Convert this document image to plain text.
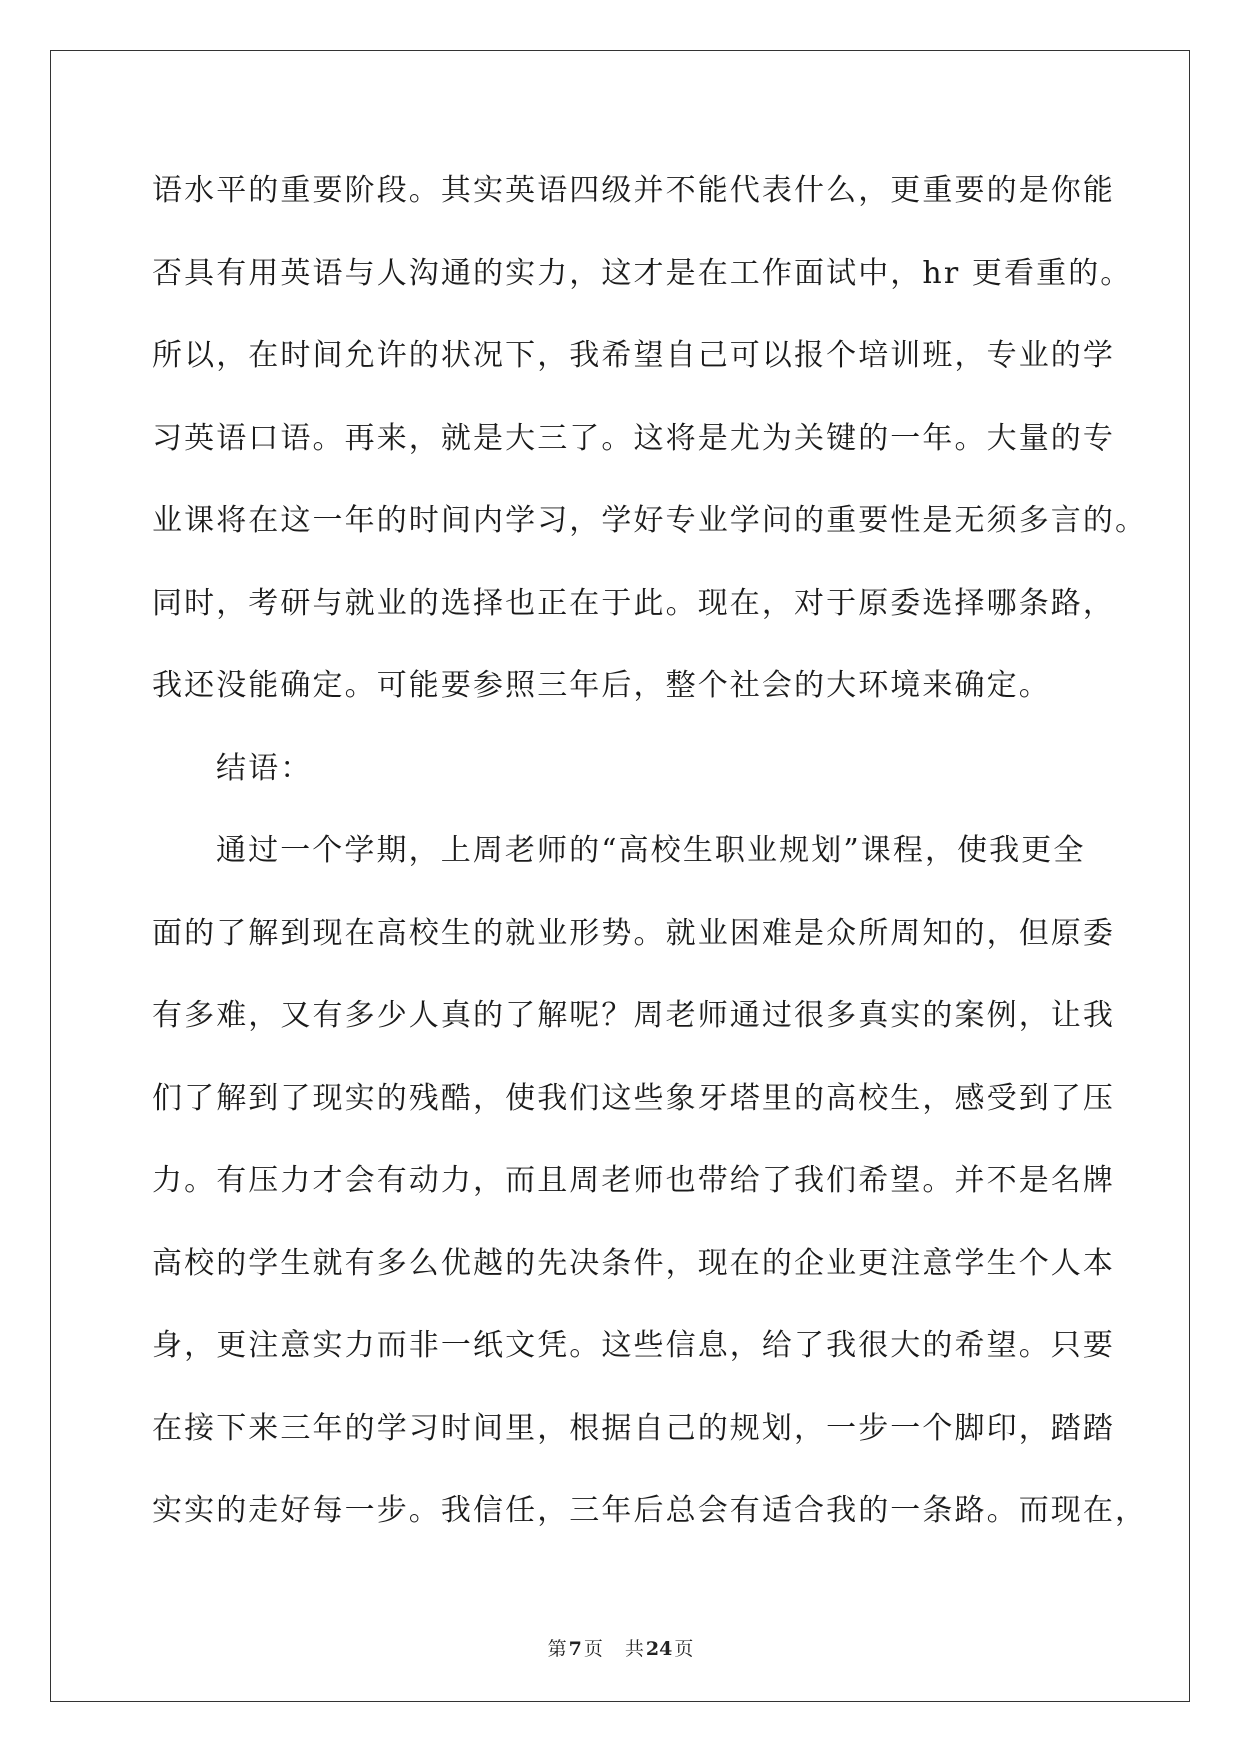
语水平的重要阶段。其实英语四级并不能代表什么，更重要的是你能
否具有用英语与人沟通的实力，这才是在工作面试中，hr 更看重的。
所以，在时间允许的状况下，我希望自己可以报个培训班，专业的学
习英语口语。再来，就是大三了。这将是尤为关键的一年。大量的专
业课将在这一年的时间内学习，学好专业学问的重要性是无须多言的。
同时，考研与就业的选择也正在于此。现在，对于原委选择哪条路，
我还没能确定。可能要参照三年后，整个社会的大环境来确定。
结语：
通过一个学期，上周老师的“高校生职业规划”课程，使我更全
面的了解到现在高校生的就业形势。就业困难是众所周知的，但原委
有多难，又有多少人真的了解呢？周老师通过很多真实的案例，让我
们了解到了现实的残酷，使我们这些象牙塔里的高校生，感受到了压
力。有压力才会有动力，而且周老师也带给了我们希望。并不是名牌
高校的学生就有多么优越的先决条件，现在的企业更注意学生个人本
身，更注意实力而非一纸文凭。这些信息，给了我很大的希望。只要
在接下来三年的学习时间里，根据自己的规划，一步一个脚印，踏踏
实实的走好每一步。我信任，三年后总会有适合我的一条路。而现在，
第 7 页 共 24 页
